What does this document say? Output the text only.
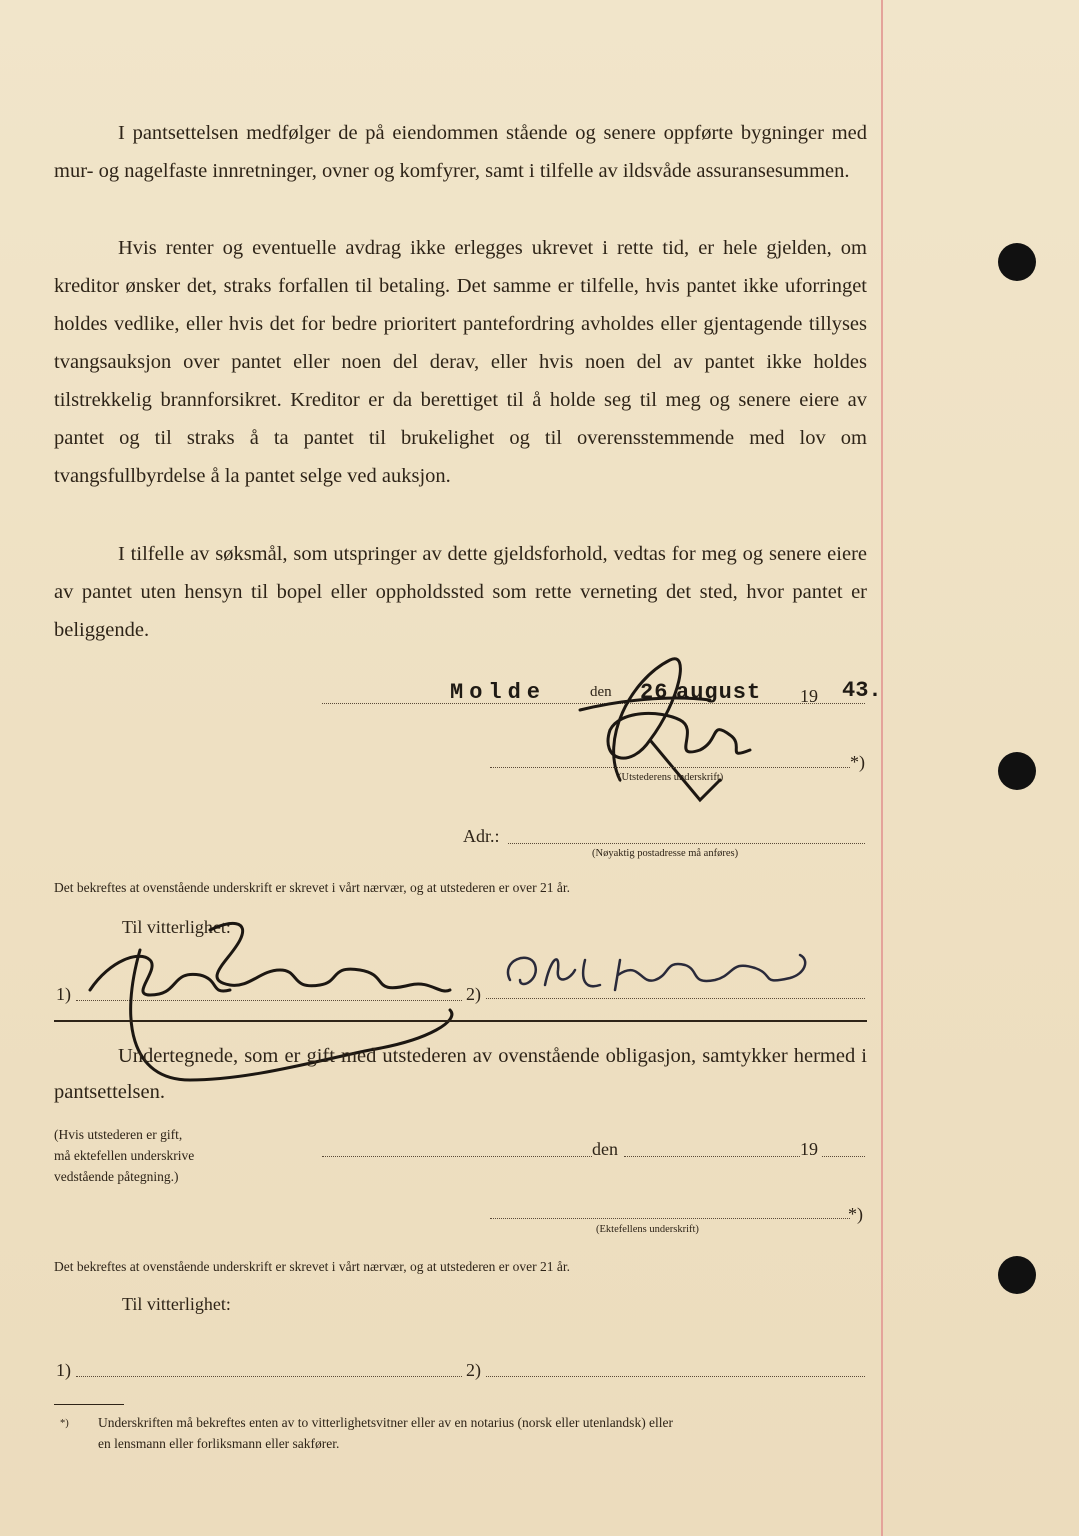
I pantsettelsen medfølger de på eiendommen stående og senere oppførte bygninger med mur- og nagelfaste innretninger, ovner og komfyrer, samt i tilfelle av ildsvåde assuransesummen.

Hvis renter og eventuelle avdrag ikke erlegges ukrevet i rette tid, er hele gjelden, om kreditor ønsker det, straks forfallen til betaling. Det samme er tilfelle, hvis pantet ikke uforringet holdes vedlike, eller hvis det for bedre prioritert pantefordring avholdes eller gjentagende tillyses tvangsauksjon over pantet eller noen del derav, eller hvis noen del av pantet ikke holdes tilstrekkelig brannforsikret. Kreditor er da berettiget til å holde seg til meg og senere eiere av pantet og til straks å ta pantet til brukelighet og til overensstemmende med lov om tvangsfullbyrdelse å la pantet selge ved auksjon.

I tilfelle av søksmål, som utspringer av dette gjeldsforhold, vedtas for meg og senere eiere av pantet uten hensyn til bopel eller oppholdssted som rette verneting det sted, hvor pantet er beliggende.

Molde	den 26.
august 19 43.
*)
(Utstederens underskrift)
Adr.:
(Nøyaktig postadresse må anføres)
Det bekreftes at ovenstående underskrift er skrevet i vårt nærvær, og at utstederen er over 21 år.
Til vitterlighet:
1)	2)

Undertegnede, som er gift med utstederen av ovenstående obligasjon, samtykker hermed i pantsettelsen.

(Hvis utstederen er gift,
må ektefellen underskrive
vedstående påtegning.)
den	19
*)
(Ektefellens underskrift)
Det bekreftes at ovenstående underskrift er skrevet i vårt nærvær, og at utstederen er over 21 år.
Til vitterlighet:
1)	2)
*) Underskriften må bekreftes enten av to vitterlighetsvitner eller av en notarius (norsk eller utenlandsk) eller
en lensmann eller forliksmann eller sakfører.
